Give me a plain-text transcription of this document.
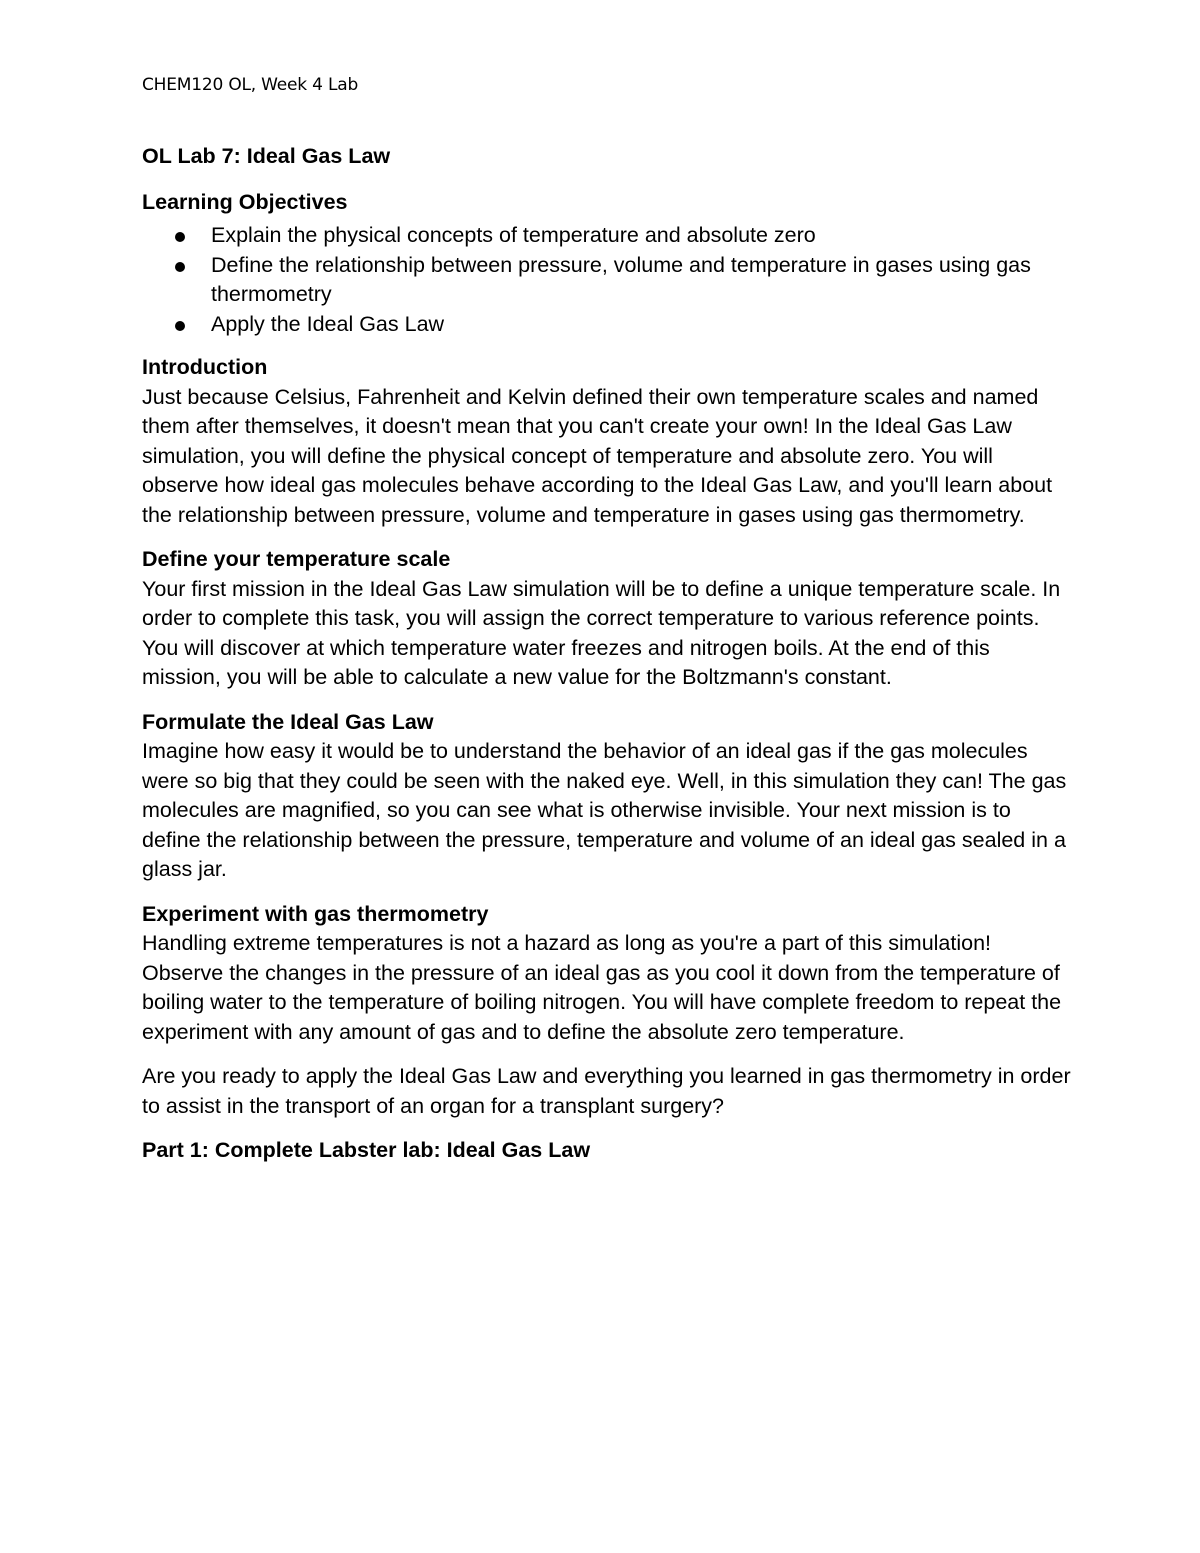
CHEM120 OL, Week 4 Lab

OL Lab 7: Ideal Gas Law

Learning Objectives

Explain the physical concepts of temperature and absolute zero
Define the relationship between pressure, volume and temperature in gases using gas thermometry
Apply the Ideal Gas Law

Introduction

Just because Celsius, Fahrenheit and Kelvin defined their own temperature scales and named them after themselves, it doesn't mean that you can't create your own! In the Ideal Gas Law simulation, you will define the physical concept of temperature and absolute zero. You will observe how ideal gas molecules behave according to the Ideal Gas Law, and you'll learn about the relationship between pressure, volume and temperature in gases using gas thermometry.

Define your temperature scale

Your first mission in the Ideal Gas Law simulation will be to define a unique temperature scale. In order to complete this task, you will assign the correct temperature to various reference points. You will discover at which temperature water freezes and nitrogen boils. At the end of this mission, you will be able to calculate a new value for the Boltzmann's constant.

Formulate the Ideal Gas Law

Imagine how easy it would be to understand the behavior of an ideal gas if the gas molecules were so big that they could be seen with the naked eye. Well, in this simulation they can! The gas molecules are magnified, so you can see what is otherwise invisible. Your next mission is to define the relationship between the pressure, temperature and volume of an ideal gas sealed in a glass jar.

Experiment with gas thermometry

Handling extreme temperatures is not a hazard as long as you're a part of this simulation! Observe the changes in the pressure of an ideal gas as you cool it down from the temperature of boiling water to the temperature of boiling nitrogen. You will have complete freedom to repeat the experiment with any amount of gas and to define the absolute zero temperature.

Are you ready to apply the Ideal Gas Law and everything you learned in gas thermometry in order to assist in the transport of an organ for a transplant surgery?

Part 1: Complete Labster lab: Ideal Gas Law
